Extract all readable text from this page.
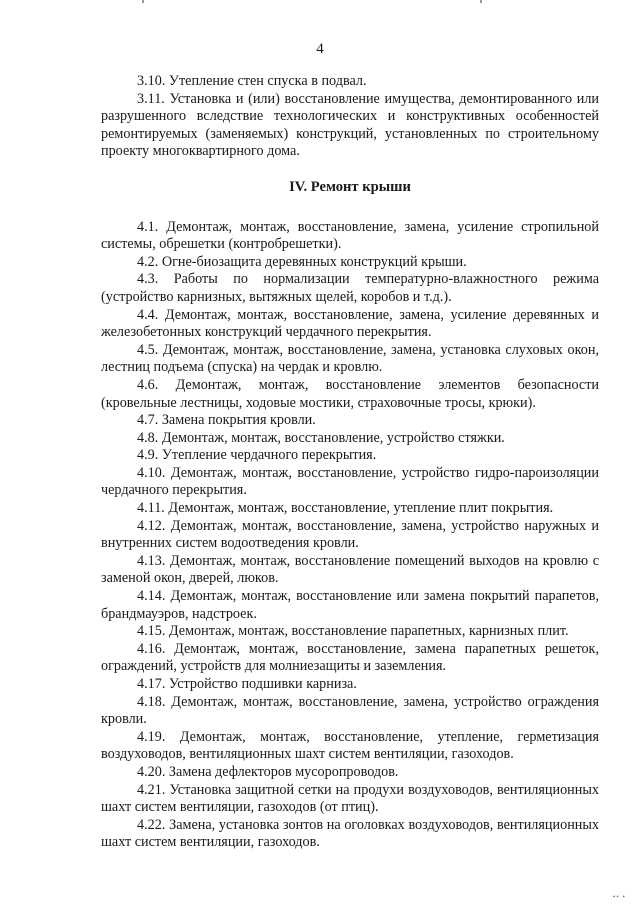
4

3.10. Утепление стен спуска в подвал.

3.11. Установка и (или) восстановление имущества, демонтированного или разрушенного вследствие технологических и конструктивных особенностей ремонтируемых (заменяемых) конструкций, установленных по строительному проекту многоквартирного дома.

IV. Ремонт крыши

4.1. Демонтаж, монтаж, восстановление, замена, усиление стропильной системы, обрешетки (контробрешетки).

4.2. Огне-биозащита деревянных конструкций крыши.

4.3. Работы по нормализации температурно-влажностного режима (устройство карнизных, вытяжных щелей, коробов и т.д.).

4.4. Демонтаж, монтаж, восстановление, замена, усиление деревянных и железобетонных конструкций чердачного перекрытия.

4.5. Демонтаж, монтаж, восстановление, замена, установка слуховых окон, лестниц подъема (спуска) на чердак и кровлю.

4.6. Демонтаж, монтаж, восстановление элементов безопасности (кровельные лестницы, ходовые мостики, страховочные тросы, крюки).

4.7. Замена покрытия кровли.

4.8. Демонтаж, монтаж, восстановление, устройство стяжки.

4.9. Утепление чердачного перекрытия.

4.10. Демонтаж, монтаж, восстановление, устройство гидро-пароизоляции чердачного перекрытия.

4.11. Демонтаж, монтаж, восстановление, утепление плит покрытия.

4.12. Демонтаж, монтаж, восстановление, замена, устройство наружных и внутренних систем водоотведения кровли.

4.13. Демонтаж, монтаж, восстановление помещений выходов на кровлю с заменой окон, дверей, люков.

4.14. Демонтаж, монтаж, восстановление или замена покрытий парапетов, брандмауэров, надстроек.

4.15. Демонтаж, монтаж, восстановление парапетных, карнизных плит.

4.16. Демонтаж, монтаж, восстановление, замена парапетных решеток, ограждений, устройств для молниезащиты и заземления.

4.17. Устройство подшивки карниза.

4.18. Демонтаж, монтаж, восстановление, замена, устройство ограждения кровли.

4.19. Демонтаж, монтаж, восстановление, утепление, герметизация воздуховодов, вентиляционных шахт систем вентиляции, газоходов.

4.20. Замена дефлекторов мусоропроводов.

4.21. Установка защитной сетки на продухи воздуховодов, вентиляционных шахт систем вентиляции, газоходов (от птиц).

4.22. Замена, установка зонтов на оголовках воздуховодов, вентиляционных шахт систем вентиляции, газоходов.

•• •
